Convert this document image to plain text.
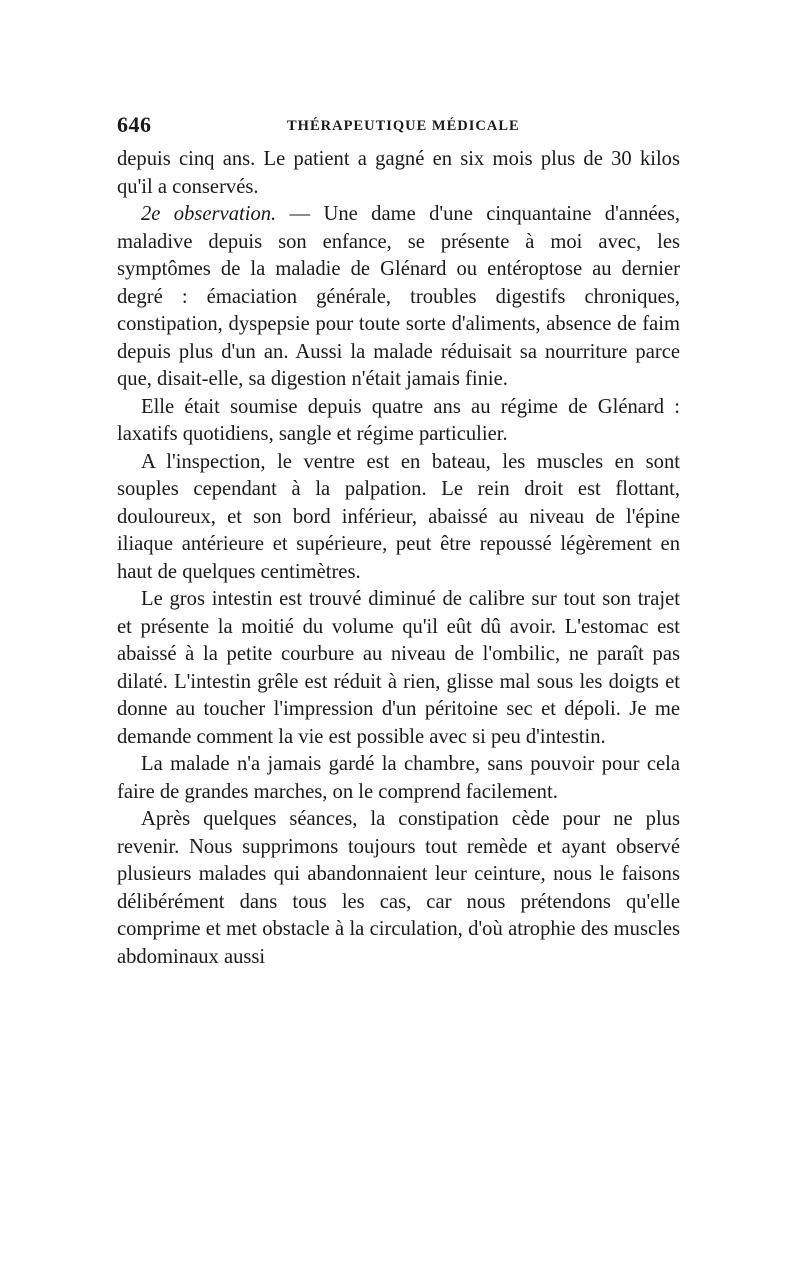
646	THÉRAPEUTIQUE MÉDICALE

depuis cinq ans. Le patient a gagné en six mois plus de 30 kilos qu'il a conservés.

2e observation. — Une dame d'une cinquantaine d'années, maladive depuis son enfance, se présente à moi avec, les symptômes de la maladie de Glénard ou entéroptose au dernier degré : émaciation générale, troubles digestifs chroniques, constipation, dyspepsie pour toute sorte d'aliments, absence de faim depuis plus d'un an. Aussi la malade réduisait sa nourriture parce que, disait-elle, sa digestion n'était jamais finie.

Elle était soumise depuis quatre ans au régime de Glénard : laxatifs quotidiens, sangle et régime particulier.

A l'inspection, le ventre est en bateau, les muscles en sont souples cependant à la palpation. Le rein droit est flottant, douloureux, et son bord inférieur, abaissé au niveau de l'épine iliaque antérieure et supérieure, peut être repoussé légèrement en haut de quelques centimètres.

Le gros intestin est trouvé diminué de calibre sur tout son trajet et présente la moitié du volume qu'il eût dû avoir. L'estomac est abaissé à la petite courbure au niveau de l'ombilic, ne paraît pas dilaté. L'intestin grêle est réduit à rien, glisse mal sous les doigts et donne au toucher l'impression d'un péritoine sec et dépoli. Je me demande comment la vie est possible avec si peu d'intestin.

La malade n'a jamais gardé la chambre, sans pouvoir pour cela faire de grandes marches, on le comprend facilement.

Après quelques séances, la constipation cède pour ne plus revenir. Nous supprimons toujours tout remède et ayant observé plusieurs malades qui abandonnaient leur ceinture, nous le faisons délibérément dans tous les cas, car nous prétendons qu'elle comprime et met obstacle à la circulation, d'où atrophie des muscles abdominaux aussi
